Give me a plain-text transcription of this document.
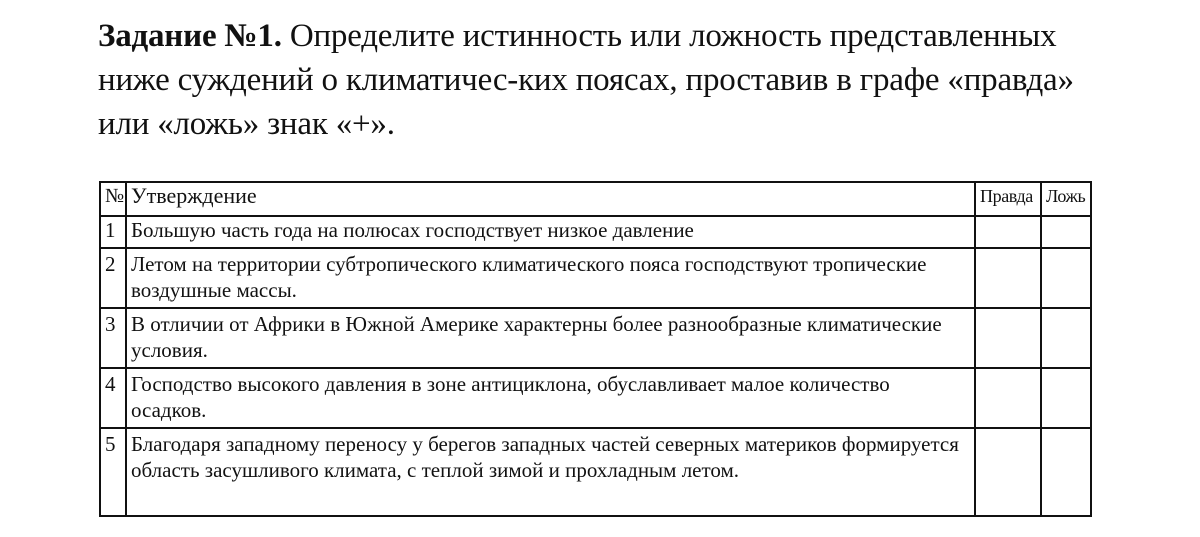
Задание №1. Определите истинность или ложность представленных ниже суждений о климатичес-ких поясах, проставив в графе «правда» или «ложь» знак «+».
№	Утверждение	Правда	Ложь
1	Большую часть года на полюсах господствует низкое давление		
2	Летом на территории субтропического климатического пояса господствуют тропические воздушные массы.		
3	В отличии от Африки в Южной Америке характерны более разнообразные климатические условия.		
4	Господство высокого давления в зоне антициклона, обуславливает малое количество осадков.		
5	Благодаря западному переносу у берегов западных частей северных материков формируется область засушливого климата, с теплой зимой и прохладным летом.		
